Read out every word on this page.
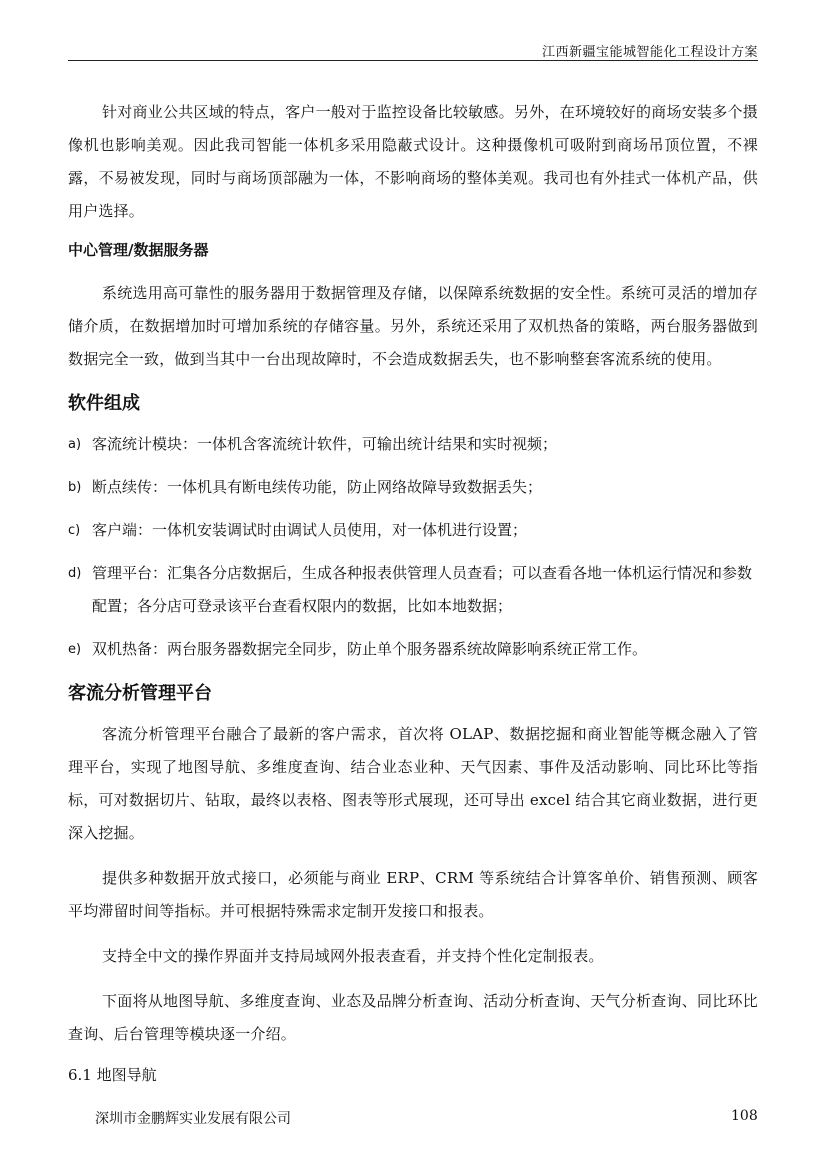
江西新疆宝能城智能化工程设计方案

针对商业公共区域的特点，客户一般对于监控设备比较敏感。另外，在环境较好的商场安装多个摄像机也影响美观。因此我司智能一体机多采用隐蔽式设计。这种摄像机可吸附到商场吊顶位置，不裸露，不易被发现，同时与商场顶部融为一体，不影响商场的整体美观。我司也有外挂式一体机产品，供用户选择。

中心管理/数据服务器

系统选用高可靠性的服务器用于数据管理及存储，以保障系统数据的安全性。系统可灵活的增加存储介质，在数据增加时可增加系统的存储容量。另外，系统还采用了双机热备的策略，两台服务器做到数据完全一致，做到当其中一台出现故障时，不会造成数据丢失，也不影响整套客流系统的使用。

软件组成
a) 客流统计模块：一体机含客流统计软件，可输出统计结果和实时视频；
b) 断点续传：一体机具有断电续传功能，防止网络故障导致数据丢失；
c) 客户端：一体机安装调试时由调试人员使用，对一体机进行设置；
d) 管理平台：汇集各分店数据后，生成各种报表供管理人员查看；可以查看各地一体机运行情况和参数配置；各分店可登录该平台查看权限内的数据，比如本地数据；
e) 双机热备：两台服务器数据完全同步，防止单个服务器系统故障影响系统正常工作。
客流分析管理平台

客流分析管理平台融合了最新的客户需求，首次将 OLAP、数据挖掘和商业智能等概念融入了管理平台，实现了地图导航、多维度查询、结合业态业种、天气因素、事件及活动影响、同比环比等指标，可对数据切片、钻取，最终以表格、图表等形式展现，还可导出 excel 结合其它商业数据，进行更深入挖掘。

提供多种数据开放式接口，必须能与商业 ERP、CRM 等系统结合计算客单价、销售预测、顾客平均滞留时间等指标。并可根据特殊需求定制开发接口和报表。

支持全中文的操作界面并支持局域网外报表查看，并支持个性化定制报表。

下面将从地图导航、多维度查询、业态及品牌分析查询、活动分析查询、天气分析查询、同比环比查询、后台管理等模块逐一介绍。

6.1 地图导航
深圳市金鹏辉实业发展有限公司	108
